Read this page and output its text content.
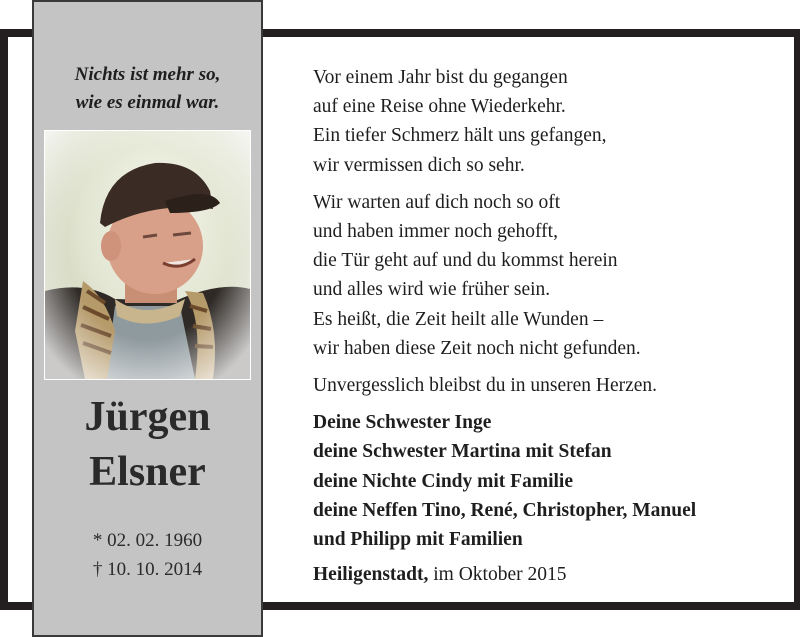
Nichts ist mehr so,
wie es einmal war.
Jürgen
Elsner
* 02. 02. 1960
† 10. 10. 2014
Vor einem Jahr bist du gegangen
auf eine Reise ohne Wiederkehr.
Ein tiefer Schmerz hält uns gefangen,
wir vermissen dich so sehr.
Wir warten auf dich noch so oft
und haben immer noch gehofft,
die Tür geht auf und du kommst herein
und alles wird wie früher sein.
Es heißt, die Zeit heilt alle Wunden –
wir haben diese Zeit noch nicht gefunden.
Unvergesslich bleibst du in unseren Herzen.
Deine Schwester Inge
deine Schwester Martina mit Stefan
deine Nichte Cindy mit Familie
deine Neffen Tino, René, Christopher, Manuel
und Philipp mit Familien
Heiligenstadt, im Oktober 2015
